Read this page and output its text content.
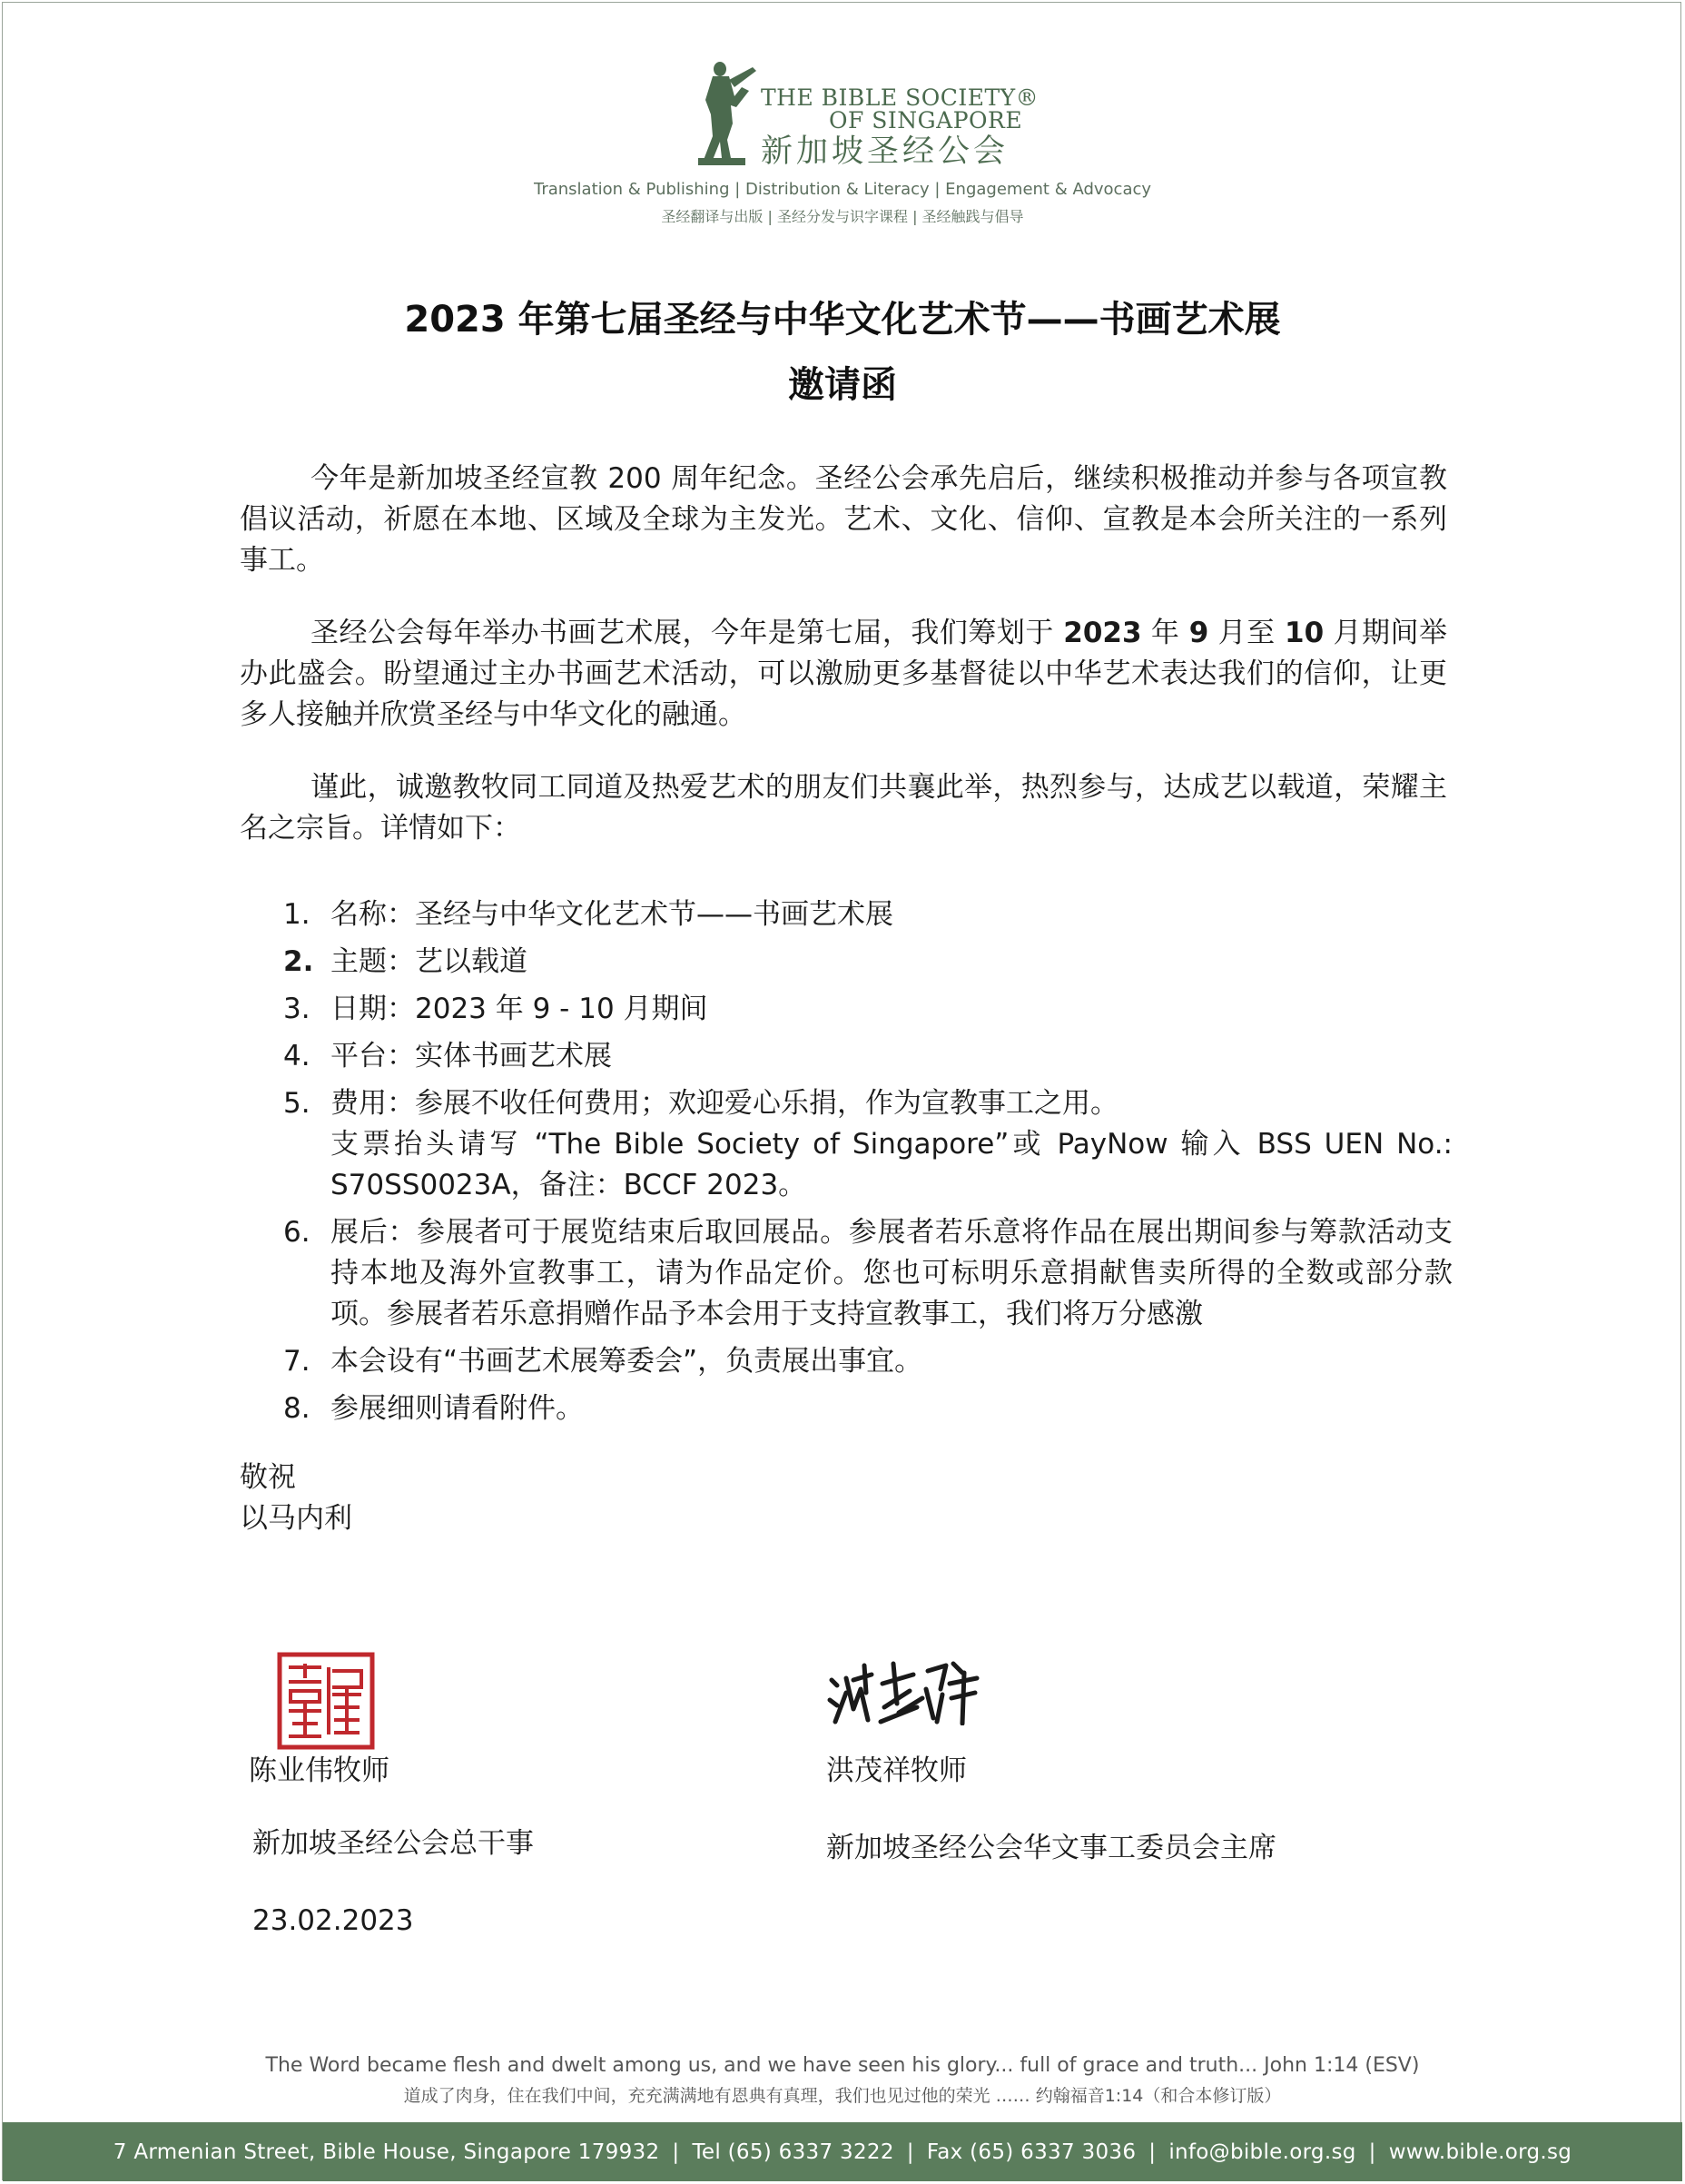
THE BIBLE SOCIETY®
OF SINGAPORE
新加坡圣经公会
Translation & Publishing | Distribution & Literacy | Engagement & Advocacy
圣经翻译与出版 | 圣经分发与识字课程 | 圣经触践与倡导
2023 年第七届圣经与中华文化艺术节——书画艺术展
邀请函
今年是新加坡圣经宣教 200 周年纪念。圣经公会承先启后，继续积极推动并参与各项宣教倡议活动，祈愿在本地、区域及全球为主发光。艺术、文化、信仰、宣教是本会所关注的一系列事工。
圣经公会每年举办书画艺术展，今年是第七届，我们筹划于 2023 年 9 月至 10 月期间举办此盛会。盼望通过主办书画艺术活动，可以激励更多基督徒以中华艺术表达我们的信仰，让更多人接触并欣赏圣经与中华文化的融通。
谨此，诚邀教牧同工同道及热爱艺术的朋友们共襄此举，热烈参与，达成艺以载道，荣耀主名之宗旨。详情如下：
1. 名称：圣经与中华文化艺术节——书画艺术展
2. 主题：艺以载道
3. 日期：2023 年 9 - 10 月期间
4. 平台：实体书画艺术展
5. 费用：参展不收任何费用；欢迎爱心乐捐，作为宣教事工之用。

支票抬头请写 “The Bible Society of Singapore”或 PayNow 输入 BSS UEN No.: S70SS0023A，备注：BCCF 2023。
6. 展后：参展者可于展览结束后取回展品。参展者若乐意将作品在展出期间参与筹款活动支持本地及海外宣教事工，请为作品定价。您也可标明乐意捐献售卖所得的全数或部分款项。参展者若乐意捐赠作品予本会用于支持宣教事工，我们将万分感激
7. 本会设有“书画艺术展筹委会”，负责展出事宜。
8. 参展细则请看附件。
敬祝
以马内利
陈业伟牧师
新加坡圣经公会总干事
23.02.2023
洪茂祥牧师
新加坡圣经公会华文事工委员会主席
The Word became flesh and dwelt among us, and we have seen his glory... full of grace and truth... John 1:14 (ESV)
道成了肉身，住在我们中间，充充满满地有恩典有真理，我们也见过他的荣光 …… 约翰福音1:14（和合本修订版）
7 Armenian Street, Bible House, Singapore 179932 | Tel (65) 6337 3222 | Fax (65) 6337 3036 | info@bible.org.sg | www.bible.org.sg
